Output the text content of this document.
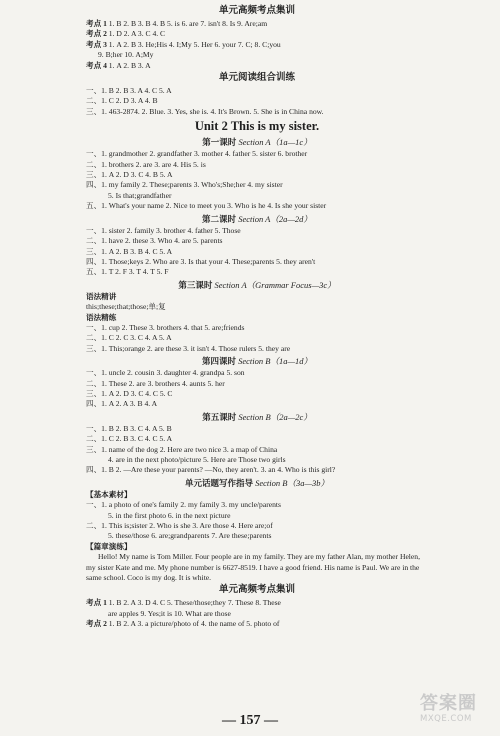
单元高频考点集训
考点 1 1. B 2. B 3. B 4. B 5. is 6. are 7. isn't 8. Is 9. Are;am
考点 2 1. D 2. A 3. C 4. C
考点 3 1. A 2. B 3. He;His 4. I;My 5. Her 6. your 7. C; 8. C;you
9. B;her 10. A;My
考点 4 1. A 2. B 3. A
单元阅读组合训练
一、1. B 2. B 3. A 4. C 5. A
二、1. C 2. D 3. A 4. B
三、1. 463-2874. 2. Blue. 3. Yes, she is. 4. It's Brown. 5. She is in China now.
Unit 2 This is my sister.
第一课时 Section A（1a—1c）
一、1. grandmother 2. grandfather 3. mother 4. father 5. sister 6. brother
二、1. brothers 2. are 3. are 4. His 5. is
三、1. A 2. D 3. C 4. B 5. A
四、1. my family 2. These;parents 3. Who's;She;her 4. my sister
5. Is that;grandfather
五、1. What's your name 2. Nice to meet you 3. Who is he 4. Is she your sister
第二课时 Section A（2a—2d）
一、1. sister 2. family 3. brother 4. father 5. Those
二、1. have 2. these 3. Who 4. are 5. parents
三、1. A 2. B 3. B 4. C 5. A
四、1. Those;keys 2. Who are 3. Is that your 4. These;parents 5. they aren't
五、1. T 2. F 3. T 4. T 5. F
第三课时 Section A（Grammar Focus—3c）
语法精讲
this;these;that;those;单;复
语法精练
一、1. cup 2. These 3. brothers 4. that 5. are;friends
二、1. C 2. C 3. C 4. A 5. A
三、1. This;orange 2. are these 3. it isn't 4. Those rulers 5. they are
第四课时 Section B（1a—1d）
一、1. uncle 2. cousin 3. daughter 4. grandpa 5. son
二、1. These 2. are 3. brothers 4. aunts 5. her
三、1. A 2. D 3. C 4. C 5. C
四、1. A 2. A 3. B 4. A
第五课时 Section B（2a—2c）
一、1. B 2. B 3. C 4. A 5. B
二、1. C 2. B 3. C 4. C 5. A
三、1. name of the dog 2. Here are two nice 3. a map of China
4. are in the next photo/picture 5. Here are Those two girls
四、1. B 2. —Are these your parents? —No, they aren't. 3. an 4. Who is this girl?
单元话题写作指导 Section B（3a—3b）
【基本素材】
一、1. a photo of one's family 2. my family 3. my uncle/parents
5. in the first photo 6. in the next picture
二、1. This is;sister 2. Who is she 3. Are those 4. Here are;of
5. these/those 6. are;grandparents 7. Are these;parents
【篇章演练】
Hello! My name is Tom Miller. Four people are in my family. They are my father Alan, my mother Helen, my sister Kate and me. My phone number is 6627-8519. I have a good friend. His name is Paul. We are in the same school. Coco is my dog. It is white.
单元高频考点集训
考点 1 1. B 2. A 3. D 4. C 5. These/those;they 7. These 8. These
are apples 9. Yes;it is 10. What are those
考点 2 1. B 2. A 3. a picture/photo of 4. the name of 5. photo of
— 157 —
答案圈
MXQE.COM
